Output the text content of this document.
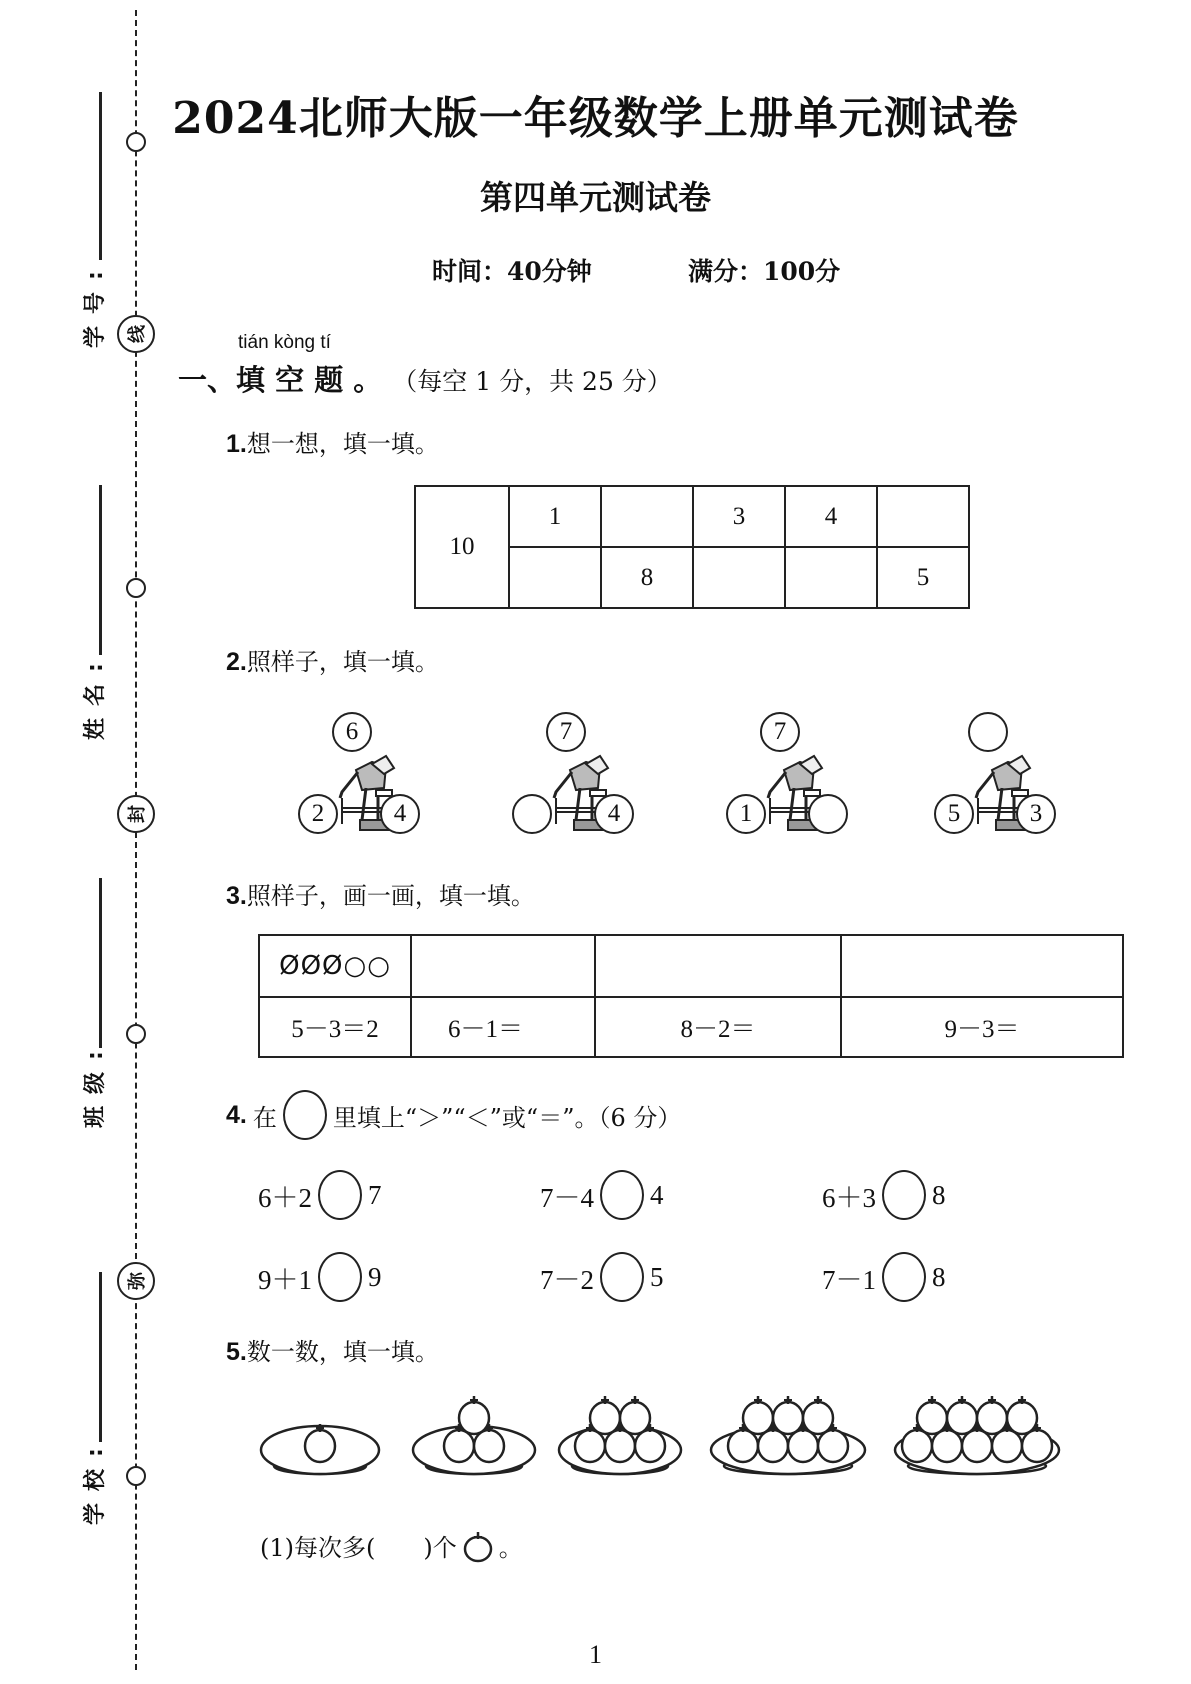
线
封
弥
学号:
姓名:
班级:
学校:
2024北师大版一年级数学上册单元测试卷
第四单元测试卷
时间：40分钟	满分：100分
tián kòng tí
一、填 空 题 。 （每空 1 分，共 25 分）
1.想一想，填一填。
10	1		3	4	
		8			5
2.照样子，填一填。
6
2	4
7
4
7
1	5	3
3.照样子，画一画，填一填。
ØØØ○○			
5－3＝2	6－1＝	8－2＝	9－3＝
4. 在 里填上“＞”“＜”或“＝”。（6 分）
6＋2 7	7－4 4	6＋3 8
9＋1 9	7－2 5	7－1 8
5.数一数，填一填。
(1)每次多(　　)个 。
1
